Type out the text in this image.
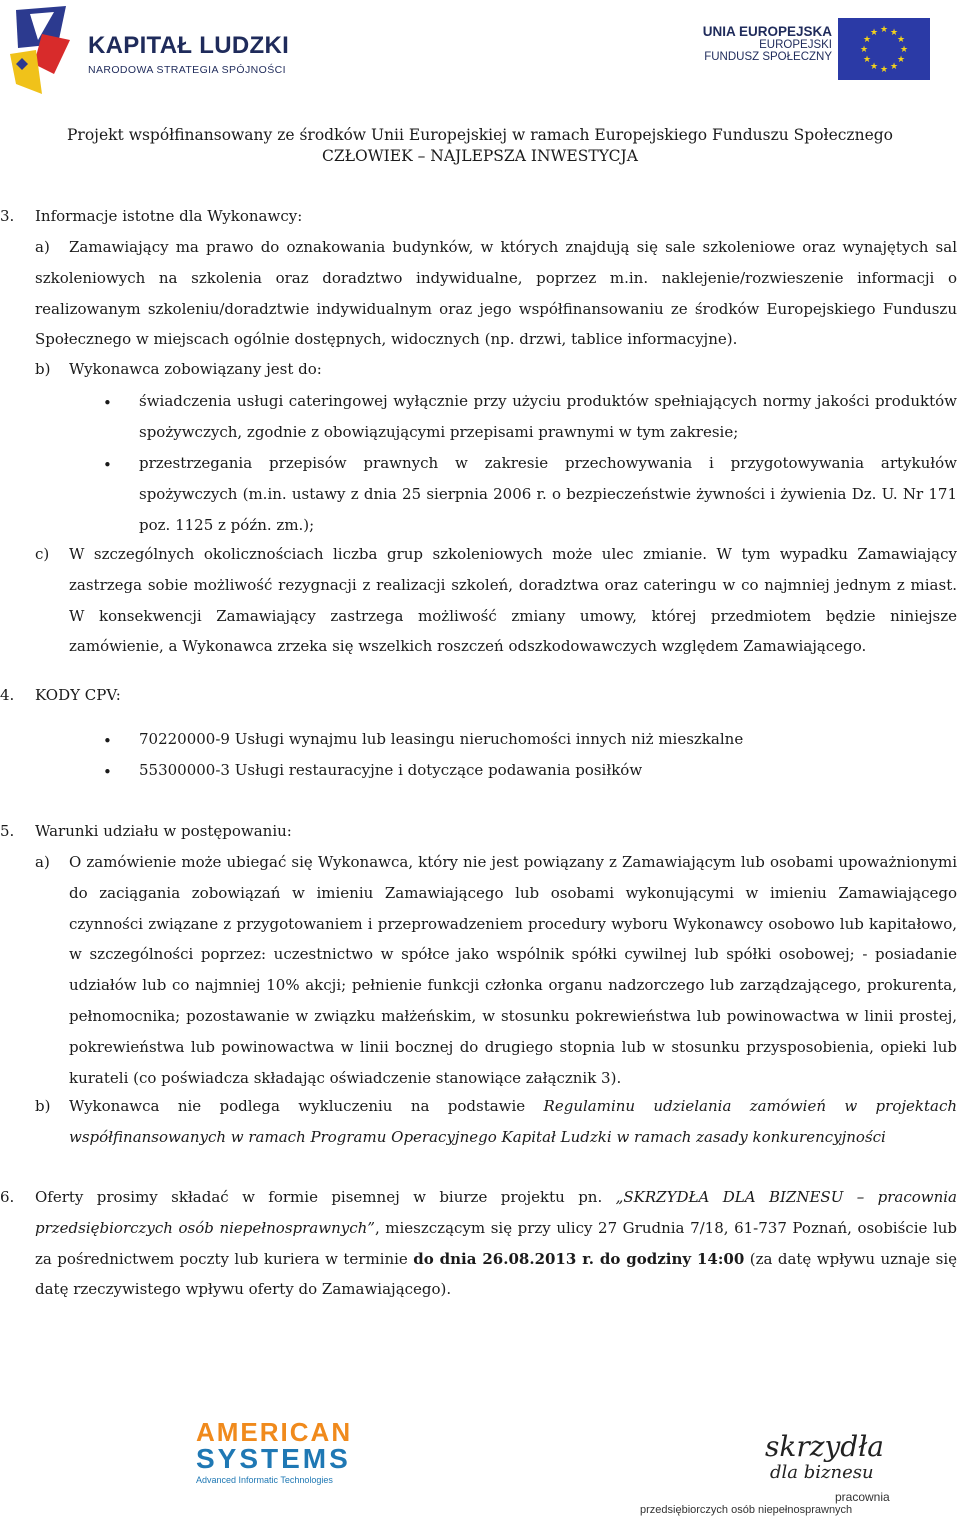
KAPITAŁ LUDZKI
NARODOWA STRATEGIA SPÓJNOŚCI
UNIA EUROPEJSKA
EUROPEJSKI
FUNDUSZ SPOŁECZNY
★ ★
★
★
★
★
★
★
★
★
★
★
Projekt współfinansowany ze środków Unii Europejskiej w ramach Europejskiego Funduszu Społecznego
CZŁOWIEK – NAJLEPSZA INWESTYCJA
3. Informacje istotne dla Wykonawcy:
a)	Zamawiający ma prawo do oznakowania budynków, w których znajdują się sale szkoleniowe oraz wynajętych sal szkoleniowych na szkolenia oraz doradztwo indywidualne, poprzez m.in. naklejenie/rozwieszenie informacji o realizowanym szkoleniu/doradztwie indywidualnym oraz jego współfinansowaniu ze środków Europejskiego Funduszu Społecznego w miejscach ogólnie dostępnych, widocznych (np. drzwi, tablice informacyjne).
b) Wykonawca zobowiązany jest do:
• świadczenia usługi cateringowej wyłącznie przy użyciu produktów spełniających normy jakości produktów spożywczych, zgodnie z obowiązującymi przepisami prawnymi w tym zakresie;
• przestrzegania przepisów prawnych w zakresie przechowywania i przygotowywania artykułów spożywczych (m.in. ustawy z dnia 25 sierpnia 2006 r. o bezpieczeństwie żywności i żywienia Dz. U. Nr 171 poz. 1125 z późn. zm.);
c) W szczególnych okolicznościach liczba grup szkoleniowych może ulec zmianie. W tym wypadku Zamawiający zastrzega sobie możliwość rezygnacji z realizacji szkoleń, doradztwa oraz cateringu w co najmniej jednym z miast. W konsekwencji Zamawiający zastrzega możliwość zmiany umowy, której przedmiotem będzie niniejsze zamówienie, a Wykonawca zrzeka się wszelkich roszczeń odszkodowawczych względem Zamawiającego.
4. KODY CPV:
• 70220000-9 Usługi wynajmu lub leasingu nieruchomości innych niż mieszkalne
• 55300000-3 Usługi restauracyjne i dotyczące podawania posiłków
5. Warunki udziału w postępowaniu:
a) O zamówienie może ubiegać się Wykonawca, który nie jest powiązany z Zamawiającym lub osobami upoważnionymi do zaciągania zobowiązań w imieniu Zamawiającego lub osobami wykonującymi w imieniu Zamawiającego czynności związane z przygotowaniem i przeprowadzeniem procedury wyboru Wykonawcy osobowo lub kapitałowo, w szczególności poprzez: uczestnictwo w spółce jako wspólnik spółki cywilnej lub spółki osobowej; - posiadanie udziałów lub co najmniej 10% akcji; pełnienie funkcji członka organu nadzorczego lub zarządzającego, prokurenta, pełnomocnika; pozostawanie w związku małżeńskim, w stosunku pokrewieństwa lub powinowactwa w linii prostej, pokrewieństwa lub powinowactwa w linii bocznej do drugiego stopnia lub w stosunku przysposobienia, opieki lub kurateli (co poświadcza składając oświadczenie stanowiące załącznik 3).
b) Wykonawca nie podlega wykluczeniu na podstawie Regulaminu udzielania zamówień w projektach współfinansowanych w ramach Programu Operacyjnego Kapitał Ludzki w ramach zasady konkurencyjności
6. Oferty prosimy składać w formie pisemnej w biurze projektu pn. „SKRZYDŁA DLA BIZNESU – pracownia przedsiębiorczych osób niepełnosprawnych”, mieszczącym się przy ulicy 27 Grudnia 7/18, 61-737 Poznań, osobiście lub za pośrednictwem poczty lub kuriera w terminie do dnia 26.08.2013 r. do godziny 14:00 (za datę wpływu uznaje się datę rzeczywistego wpływu oferty do Zamawiającego).
AMERICAN
SYSTEMS
Advanced Informatic Technologies
skrzydła
dla biznesu
pracownia
przedsiębiorczych osób niepełnosprawnych
